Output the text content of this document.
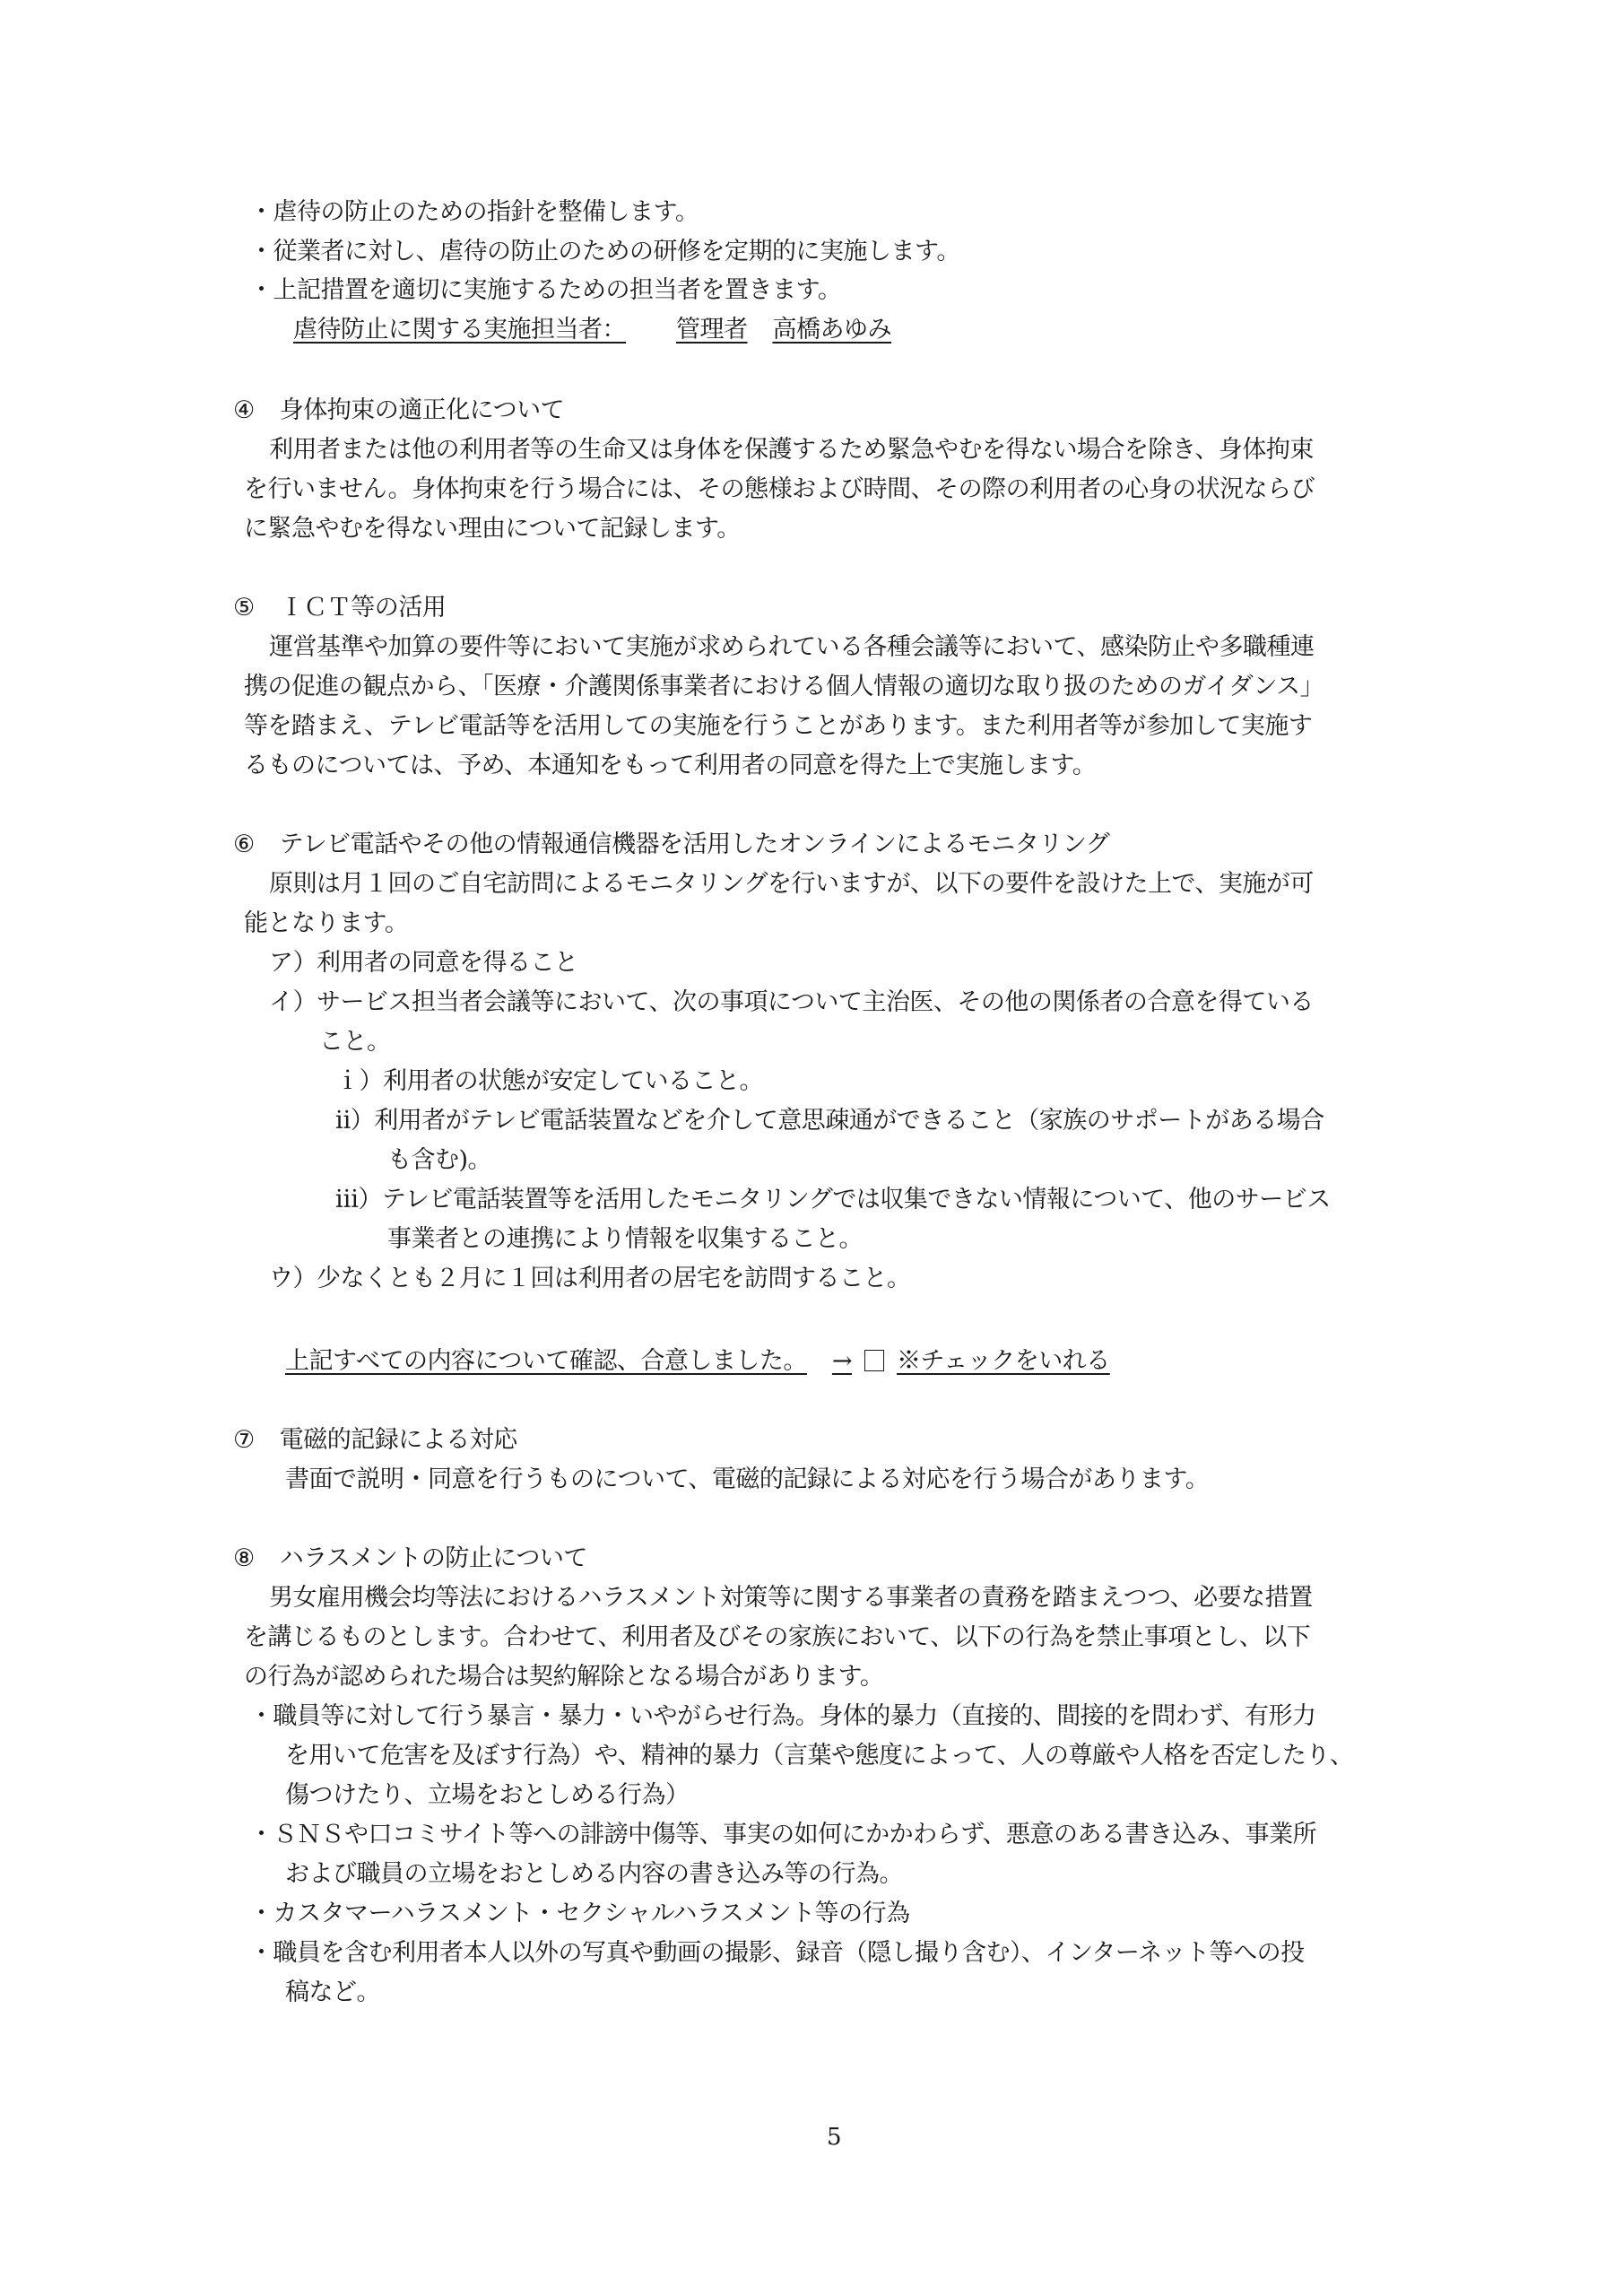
・虐待の防止のための指針を整備します。
・従業者に対し、虐待の防止のための研修を定期的に実施します。
・上記措置を適切に実施するための担当者を置きます。
虐待防止に関する実施担当者： 管理者 高橋あゆみ
④ 身体拘束の適正化について
利用者または他の利用者等の生命又は身体を保護するため緊急やむを得ない場合を除き、身体拘束
を行いません。身体拘束を行う場合には、その態様および時間、その際の利用者の心身の状況ならび
に緊急やむを得ない理由について記録します。
⑤ ＩＣＴ等の活用
運営基準や加算の要件等において実施が求められている各種会議等において、感染防止や多職種連
携の促進の観点から、「医療・介護関係事業者における個人情報の適切な取り扱のためのガイダンス」
等を踏まえ、テレビ電話等を活用しての実施を行うことがあります。また利用者等が参加して実施す
るものについては、予め、本通知をもって利用者の同意を得た上で実施します。
⑥ テレビ電話やその他の情報通信機器を活用したオンラインによるモニタリング
原則は月１回のご自宅訪問によるモニタリングを行いますが、以下の要件を設けた上で、実施が可
能となります。
ア）利用者の同意を得ること
イ）サービス担当者会議等において、次の事項について主治医、その他の関係者の合意を得ている
こと。
ｉ）利用者の状態が安定していること。
ⅱ）利用者がテレビ電話装置などを介して意思疎通ができること（家族のサポートがある場合
も含む)。
ⅲ）テレビ電話装置等を活用したモニタリングでは収集できない情報について、他のサービス
事業者との連携により情報を収集すること。
ウ）少なくとも２月に１回は利用者の居宅を訪問すること。
上記すべての内容について確認、合意しました。 → ※チェックをいれる
⑦ 電磁的記録による対応
書面で説明・同意を行うものについて、電磁的記録による対応を行う場合があります。
⑧ ハラスメントの防止について
男女雇用機会均等法におけるハラスメント対策等に関する事業者の責務を踏まえつつ、必要な措置
を講じるものとします。合わせて、利用者及びその家族において、以下の行為を禁止事項とし、以下
の行為が認められた場合は契約解除となる場合があります。
・職員等に対して行う暴言・暴力・いやがらせ行為。身体的暴力（直接的、間接的を問わず、有形力
を用いて危害を及ぼす行為）や、精神的暴力（言葉や態度によって、人の尊厳や人格を否定したり、
傷つけたり、立場をおとしめる行為）
・ＳＮＳや口コミサイト等への誹謗中傷等、事実の如何にかかわらず、悪意のある書き込み、事業所
および職員の立場をおとしめる内容の書き込み等の行為。
・カスタマーハラスメント・セクシャルハラスメント等の行為
・職員を含む利用者本人以外の写真や動画の撮影、録音（隠し撮り含む）、インターネット等への投
稿など。
5
